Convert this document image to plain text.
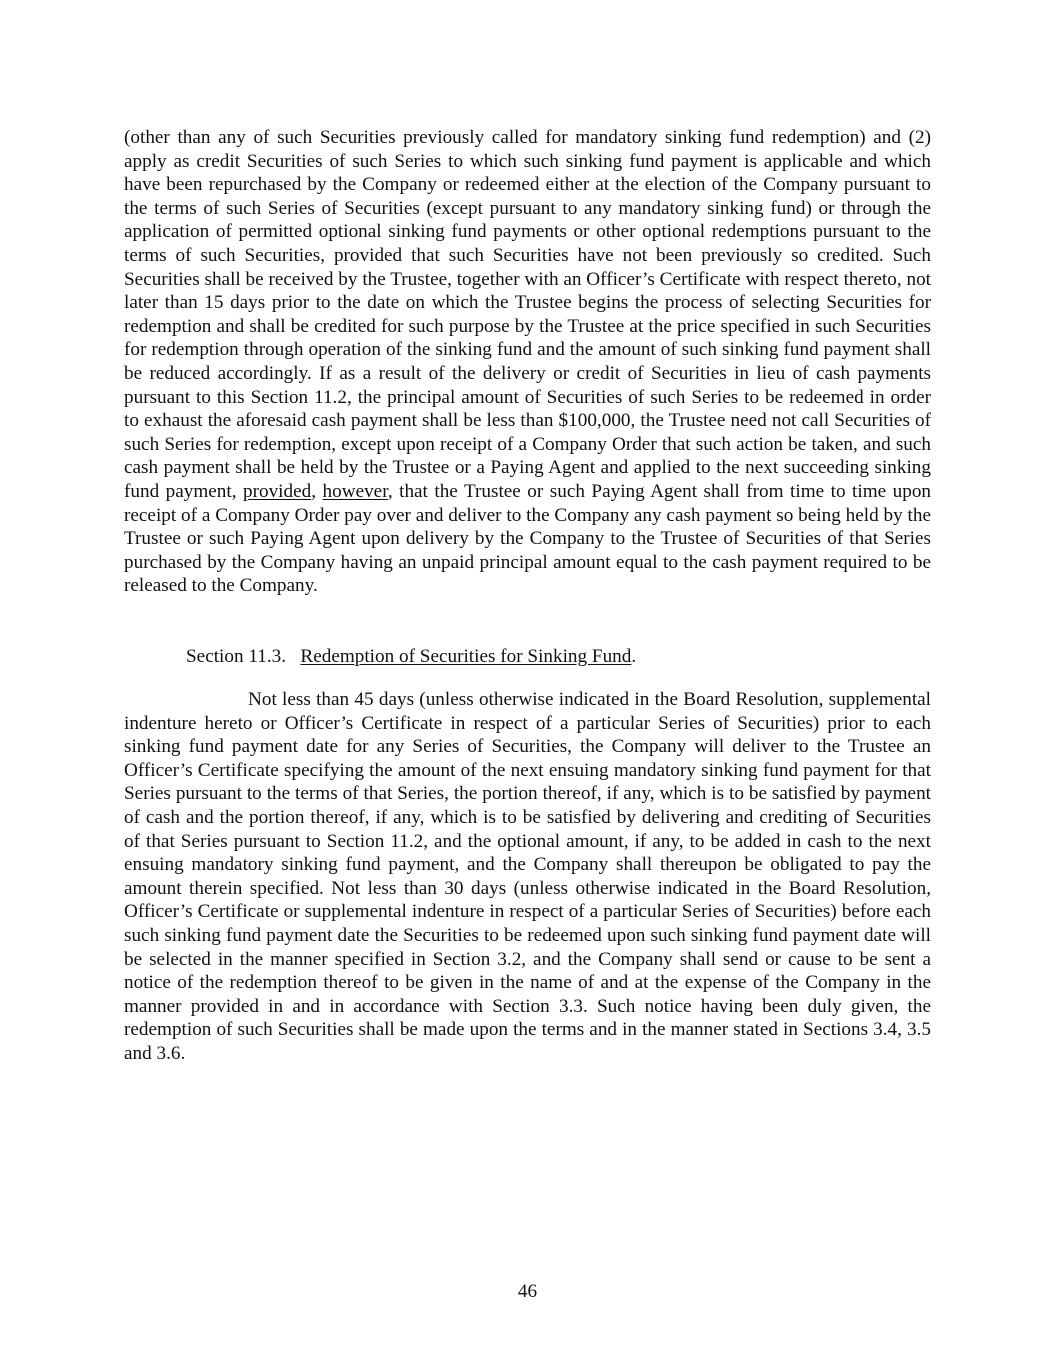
(other than any of such Securities previously called for mandatory sinking fund redemption) and (2) apply as credit Securities of such Series to which such sinking fund payment is applicable and which have been repurchased by the Company or redeemed either at the election of the Company pursuant to the terms of such Series of Securities (except pursuant to any mandatory sinking fund) or through the application of permitted optional sinking fund payments or other optional redemptions pursuant to the terms of such Securities, provided that such Securities have not been previously so credited. Such Securities shall be received by the Trustee, together with an Officer’s Certificate with respect thereto, not later than 15 days prior to the date on which the Trustee begins the process of selecting Securities for redemption and shall be credited for such purpose by the Trustee at the price specified in such Securities for redemption through operation of the sinking fund and the amount of such sinking fund payment shall be reduced accordingly. If as a result of the delivery or credit of Securities in lieu of cash payments pursuant to this Section 11.2, the principal amount of Securities of such Series to be redeemed in order to exhaust the aforesaid cash payment shall be less than $100,000, the Trustee need not call Securities of such Series for redemption, except upon receipt of a Company Order that such action be taken, and such cash payment shall be held by the Trustee or a Paying Agent and applied to the next succeeding sinking fund payment, provided, however, that the Trustee or such Paying Agent shall from time to time upon receipt of a Company Order pay over and deliver to the Company any cash payment so being held by the Trustee or such Paying Agent upon delivery by the Company to the Trustee of Securities of that Series purchased by the Company having an unpaid principal amount equal to the cash payment required to be released to the Company.

Section 11.3. Redemption of Securities for Sinking Fund.

Not less than 45 days (unless otherwise indicated in the Board Resolution, supplemental indenture hereto or Officer’s Certificate in respect of a particular Series of Securities) prior to each sinking fund payment date for any Series of Securities, the Company will deliver to the Trustee an Officer’s Certificate specifying the amount of the next ensuing mandatory sinking fund payment for that Series pursuant to the terms of that Series, the portion thereof, if any, which is to be satisfied by payment of cash and the portion thereof, if any, which is to be satisfied by delivering and crediting of Securities of that Series pursuant to Section 11.2, and the optional amount, if any, to be added in cash to the next ensuing mandatory sinking fund payment, and the Company shall thereupon be obligated to pay the amount therein specified. Not less than 30 days (unless otherwise indicated in the Board Resolution, Officer’s Certificate or supplemental indenture in respect of a particular Series of Securities) before each such sinking fund payment date the Securities to be redeemed upon such sinking fund payment date will be selected in the manner specified in Section 3.2, and the Company shall send or cause to be sent a notice of the redemption thereof to be given in the name of and at the expense of the Company in the manner provided in and in accordance with Section 3.3. Such notice having been duly given, the redemption of such Securities shall be made upon the terms and in the manner stated in Sections 3.4, 3.5 and 3.6.

46
